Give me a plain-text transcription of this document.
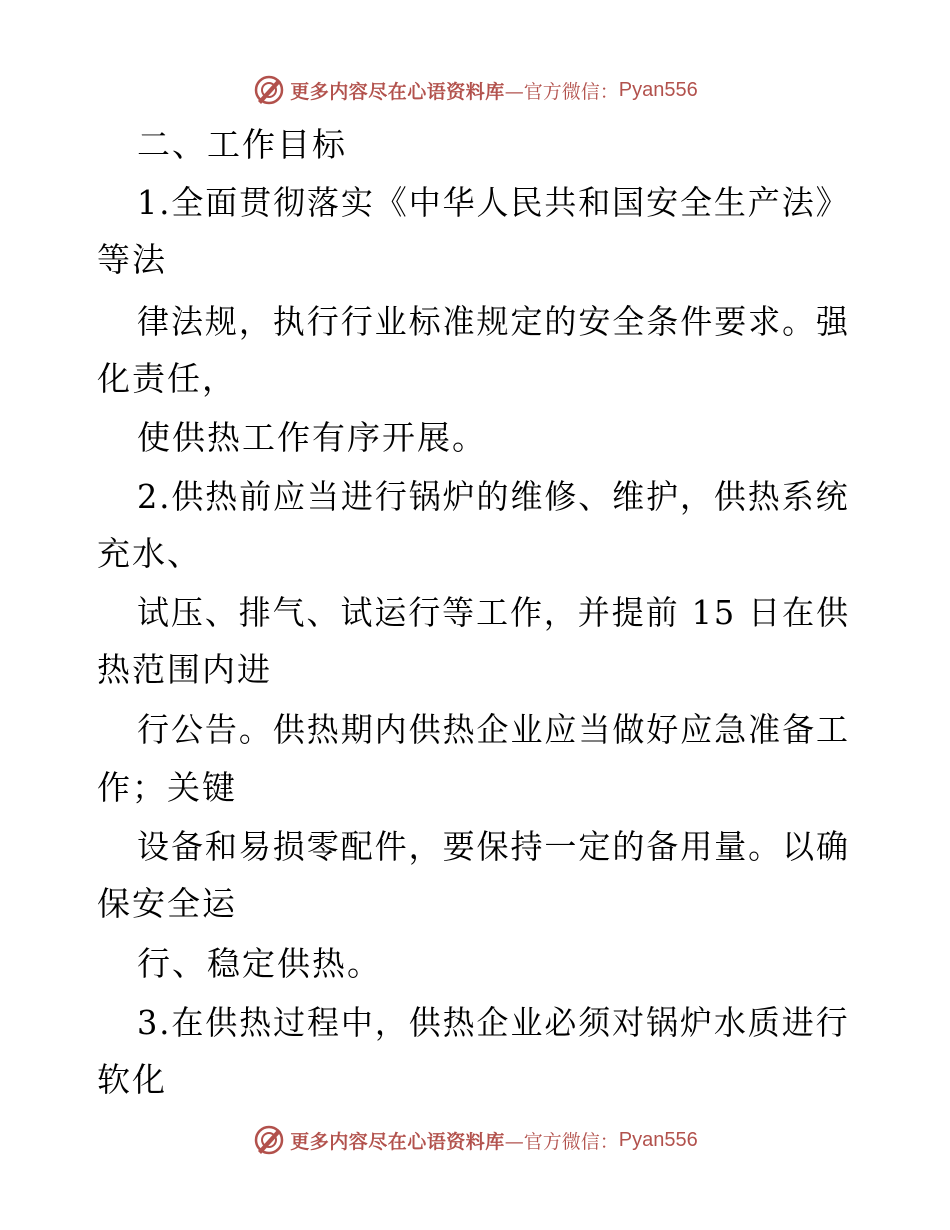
更多内容尽在心语资料库 —官方微信： Pyan556
二、工作目标
1.全面贯彻落实《中华人民共和国安全生产法》
等法
律法规，执行行业标准规定的安全条件要求。强
化责任，
使供热工作有序开展。
2.供热前应当进行锅炉的维修、维护，供热系统
充水、
试压、排气、试运行等工作，并提前 15 日在供
热范围内进
行公告。供热期内供热企业应当做好应急准备工
作；关键
设备和易损零配件，要保持一定的备用量。以确
保安全运
行、稳定供热。
3.在供热过程中，供热企业必须对锅炉水质进行
软化
更多内容尽在心语资料库 —官方微信： Pyan556
